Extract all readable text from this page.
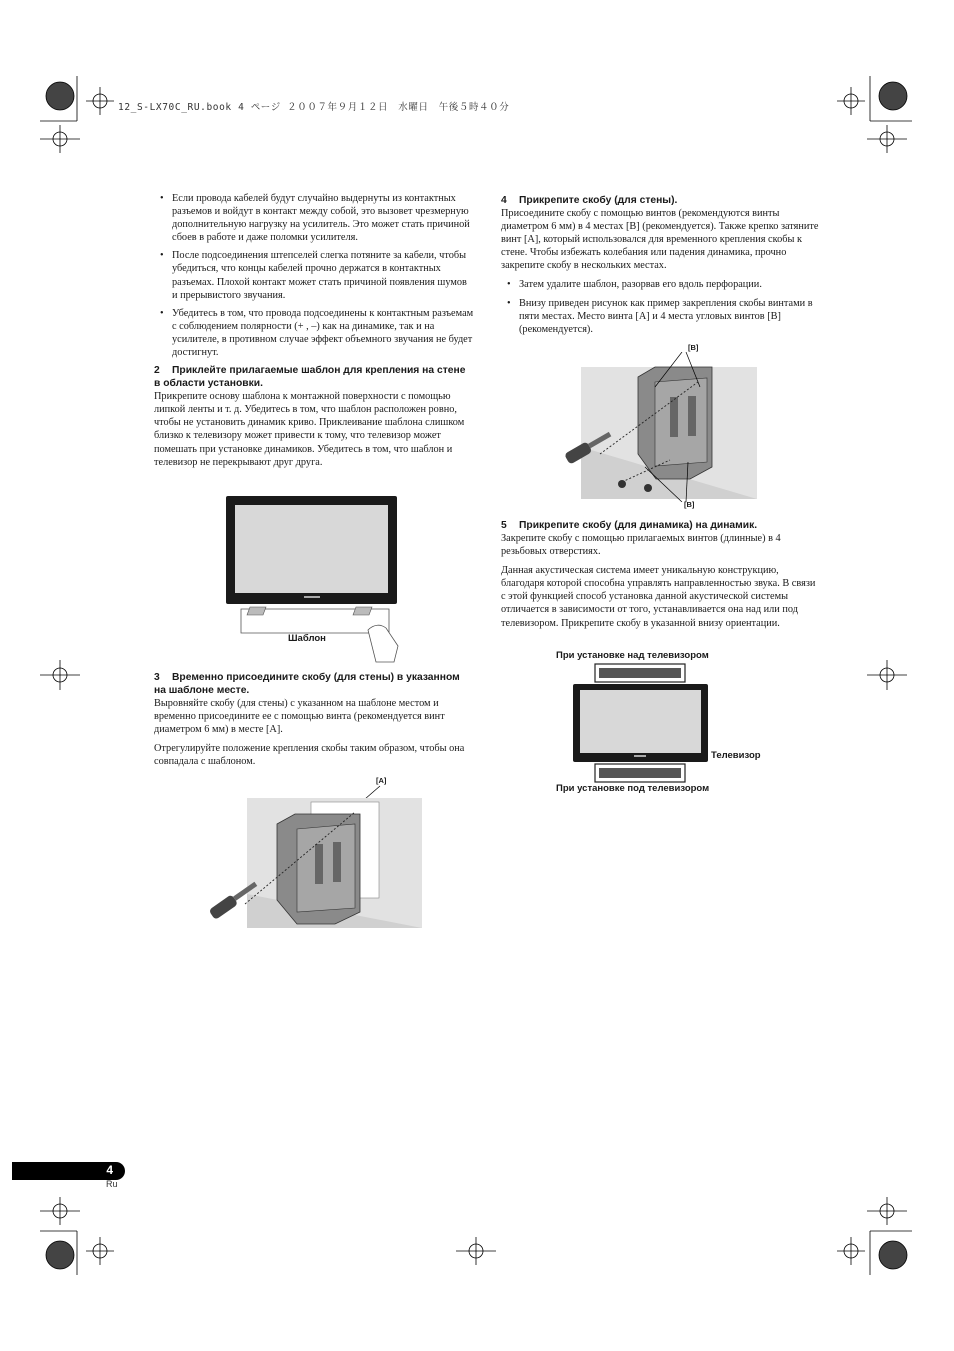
12_S-LX70C_RU.book 4 ページ ２００７年９月１２日　水曜日　午後５時４０分
• Если провода кабелей будут случайно выдернуты из контактных разъемов и войдут в контакт между собой, это вызовет чрезмерную дополнительную нагрузку на усилитель. Это может стать причиной сбоев в работе и даже поломки усилителя.
• После подсоединения штепселей слегка потяните за кабели, чтобы убедиться, что концы кабелей прочно держатся в контактных разъемах. Плохой контакт может стать причиной появления шумов и прерывистого звучания.
• Убедитесь в том, что провода подсоединены к контактным разъемам с соблюдением полярности (+ , –) как на динамике, так и на усилителе, в противном случае эффект объемного звучания не будет достигнут.

2 Приклейте прилагаемые шаблон для крепления на стене в области установки.

Прикрепите основу шаблона к монтажной поверхности с помощью липкой ленты и т. д. Убедитесь в том, что шаблон расположен ровно, чтобы не установить динамик криво. Приклеивание шаблона слишком близко к телевизору может привести к тому, что телевизор может помешать при установке динамиков. Убедитесь в том, что шаблон и телевизор не перекрывают друг друга.

Шаблон

3 Временно присоедините скобу (для стены) в указанном на шаблоне месте.

Выровняйте скобу (для стены) с указанном на шаблоне местом и временно присоедините ее с помощью винта (рекомендуется винт диаметром 6 мм) в месте [A].

Отрегулируйте положение крепления скобы таким образом, чтобы она совпадала с шаблоном.

[A]

4 Прикрепите скобу (для стены).

Присоедините скобу с помощью винтов (рекомендуются винты диаметром 6 мм) в 4 местах [B] (рекомендуется). Также крепко затяните винт [A], который использовался для временного крепления скобы к стене. Чтобы избежать колебания или падения динамика, прочно закрепите скобу в нескольких местах.

• Затем удалите шаблон, разорвав его вдоль перфорации.
• Внизу приведен рисунок как пример закрепления скобы винтами в пяти местах. Место винта [A] и 4 места угловых винтов [B] (рекомендуется).
[B]
[B]

5 Прикрепите скобу (для динамика) на динамик.

Закрепите скобу с помощью прилагаемых винтов (длинные) в 4 резьбовых отверстиях.

Данная акустическая система имеет уникальную конструкцию, благодаря которой способна управлять направленностью звука. В связи с этой функцией способ установка данной акустической системы отличается в зависимости от того, устанавливается она над или под телевизором. Прикрепите скобу в указанной внизу ориентации.

При установке над телевизором
Телевизор
При установке под телевизором
4
Ru
